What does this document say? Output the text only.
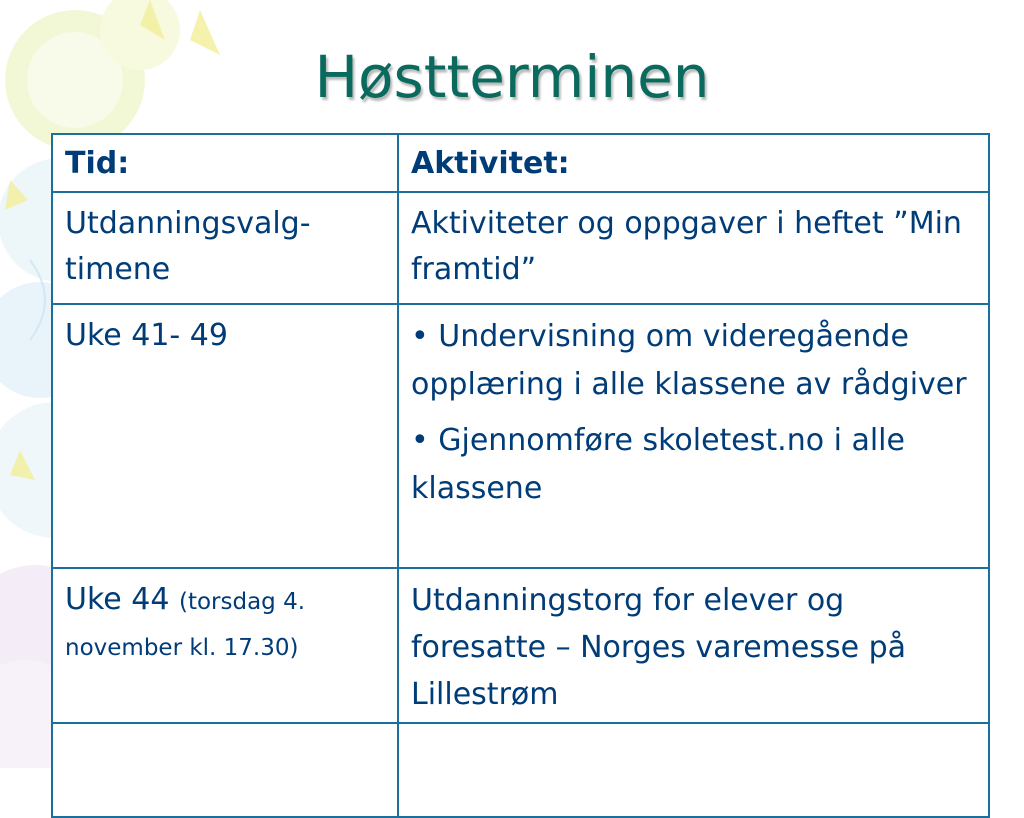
Høstterminen
Tid:	Aktivitet:

Utdanningsvalg-
timene	Aktiviteter og oppgaver i heftet ”Min framtid”

Uke 41- 49	• Undervisning om videregående opplæring i alle klassene av rådgiver

• Gjennomføre skoletest.no i alle klassene

Uke 44 (torsdag 4. november kl. 17.30)	Utdanningstorg for elever og foresatte – Norges varemesse på Lillestrøm
